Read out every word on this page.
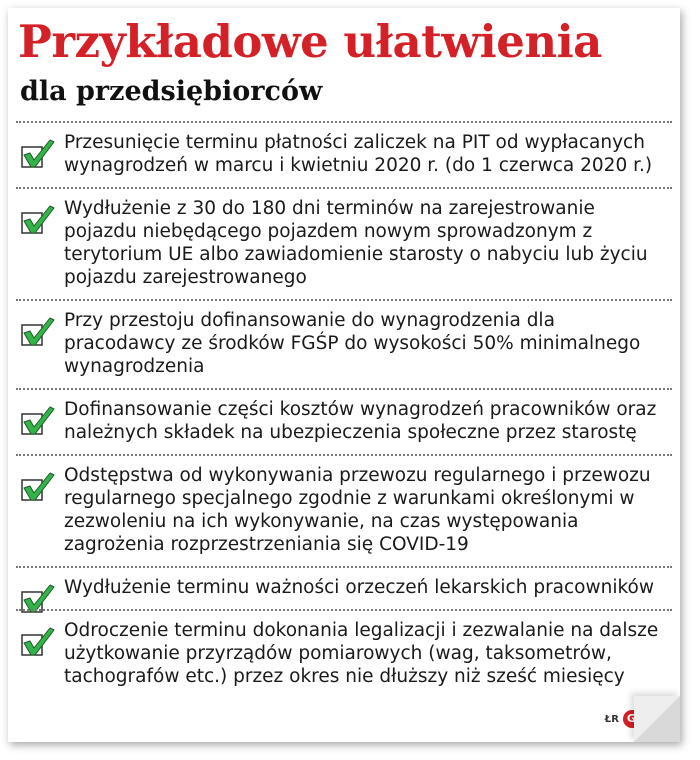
Przykładowe ułatwienia
dla przedsiębiorców

Przesunięcie terminu płatności zaliczek na PIT od wypłacanych wynagrodzeń w marcu i kwietniu 2020 r. (do 1 czerwca 2020 r.)

Wydłużenie z 30 do 180 dni terminów na zarejestrowanie pojazdu niebędącego pojazdem nowym sprowadzonym z terytorium UE albo zawiadomienie starosty o nabyciu lub życiu pojazdu zarejestrowanego

Przy przestoju dofinansowanie do wynagrodzenia dla pracodawcy ze środków FGŚP do wysokości 50% minimalnego wynagrodzenia

Dofinansowanie części kosztów wynagrodzeń pracowników oraz należnych składek na ubezpieczenia społeczne przez starostę

Odstępstwa od wykonywania przewozu regularnego i przewozu regularnego specjalnego zgodnie z warunkami określonymi w zezwoleniu na ich wykonywanie, na czas występowania zagrożenia rozprzestrzeniania się COVID-19

Wydłużenie terminu ważności orzeczeń lekarskich pracowników

Odroczenie terminu dokonania legalizacji i zezwalanie na dalsze użytkowanie przyrządów pomiarowych (wag, taksometrów, tachografów etc.) przez okres nie dłuższy niż sześć miesięcy

ŁR GP
